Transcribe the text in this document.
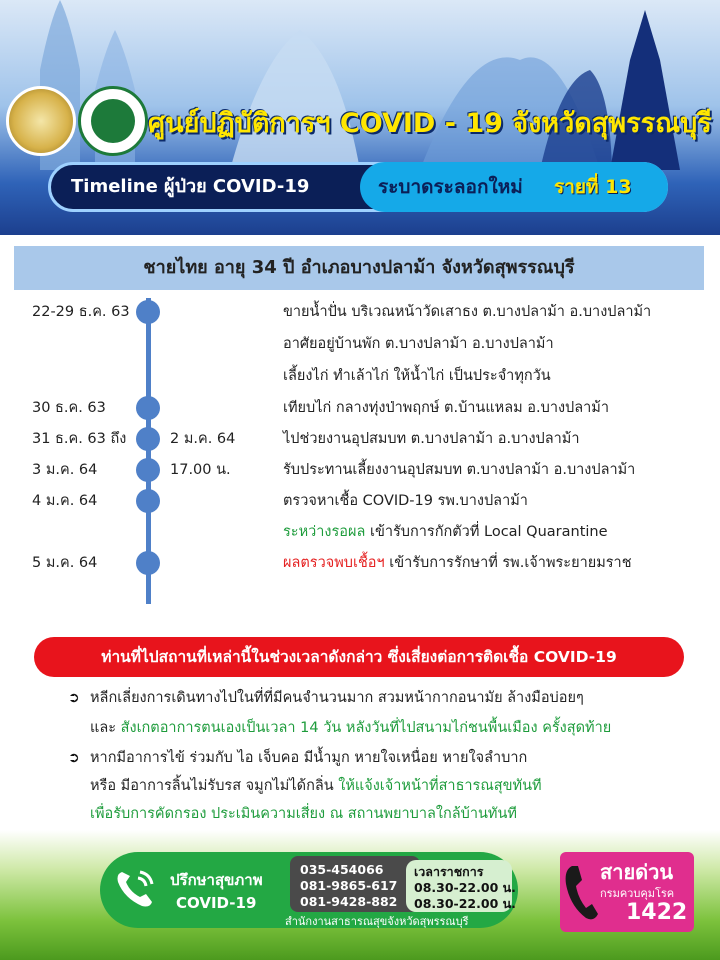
ศูนย์ปฏิบัติการฯ COVID - 19 จังหวัดสุพรรณบุรี
Timeline ผู้ป่วย COVID-19	ระบาดระลอกใหม่ รายที่ 13
ชายไทย อายุ 34 ปี อำเภอบางปลาม้า จังหวัดสุพรรณบุรี
22-29 ธ.ค. 63	ขายน้ำปั่น บริเวณหน้าวัดเสาธง ต.บางปลาม้า อ.บางปลาม้า
อาศัยอยู่บ้านพัก ต.บางปลาม้า อ.บางปลาม้า
เลี้ยงไก่ ทำเล้าไก่ ให้น้ำไก่ เป็นประจำทุกวัน
30 ธ.ค. 63	เทียบไก่ กลางทุ่งป่าพฤกษ์ ต.บ้านแหลม อ.บางปลาม้า
31 ธ.ค. 63 ถึง	2 ม.ค. 64	ไปช่วยงานอุปสมบท ต.บางปลาม้า อ.บางปลาม้า
3 ม.ค. 64	17.00 น.	รับประทานเลี้ยงงานอุปสมบท ต.บางปลาม้า อ.บางปลาม้า
4 ม.ค. 64	ตรวจหาเชื้อ COVID-19 รพ.บางปลาม้า
ระหว่างรอผล เข้ารับการกักตัวที่ Local Quarantine
5 ม.ค. 64	ผลตรวจพบเชื้อฯ เข้ารับการรักษาที่ รพ.เจ้าพระยายมราช
ท่านที่ไปสถานที่เหล่านี้ในช่วงเวลาดังกล่าว ซึ่งเสี่ยงต่อการติดเชื้อ COVID-19
➲ หลีกเลี่ยงการเดินทางไปในที่ที่มีคนจำนวนมาก สวมหน้ากากอนามัย ล้างมือบ่อยๆ
และ สังเกตอาการตนเองเป็นเวลา 14 วัน หลังวันที่ไปสนามไก่ชนพื้นเมือง ครั้งสุดท้าย
➲ หากมีอาการไข้ ร่วมกับ ไอ เจ็บคอ มีน้ำมูก หายใจเหนื่อย หายใจลำบาก
หรือ มีอาการลิ้นไม่รับรส จมูกไม่ได้กลิ่น ให้แจ้งเจ้าหน้าที่สาธารณสุขทันที
เพื่อรับการคัดกรอง ประเมินความเสี่ยง ณ สถานพยาบาลใกล้บ้านทันที
ปรึกษาสุขภาพ
COVID-19
035-454066
081-9865-617
081-9428-882
เวลาราชการ
08.30-22.00 น.
08.30-22.00 น.
สำนักงานสาธารณสุขจังหวัดสุพรรณบุรี
สายด่วน
กรมควบคุมโรค
1422
